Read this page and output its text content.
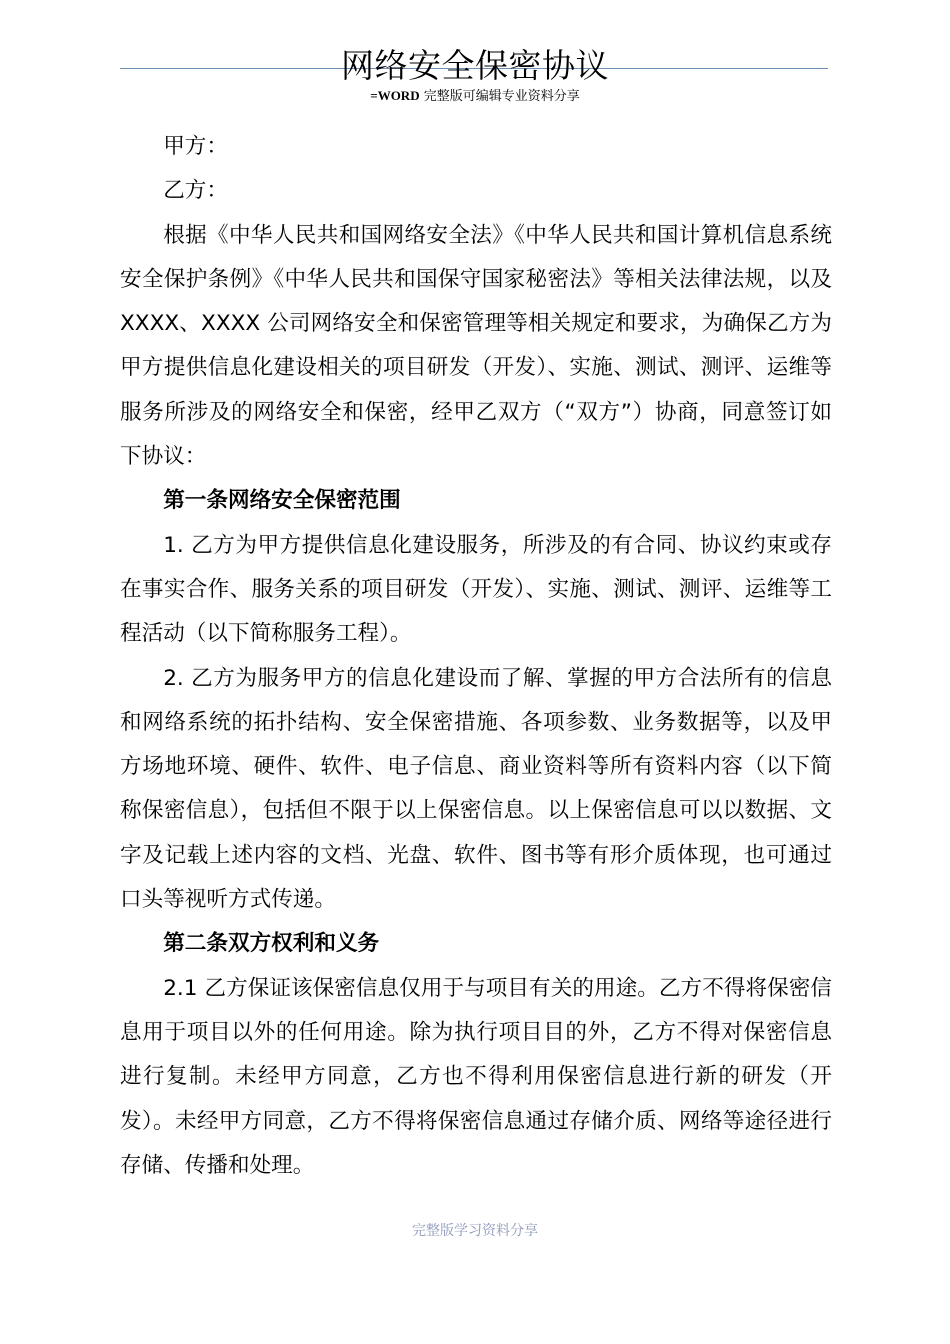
网络安全保密协议
=WORD 完整版可编辑专业资料分享

甲方：

乙方：

根据《中华人民共和国网络安全法》《中华人民共和国计算机信息系统安全保护条例》《中华人民共和国保守国家秘密法》等相关法律法规，以及 XXXX、XXXX 公司网络安全和保密管理等相关规定和要求，为确保乙方为甲方提供信息化建设相关的项目研发（开发）、实施、测试、测评、运维等服务所涉及的网络安全和保密，经甲乙双方（“双方”）协商，同意签订如下协议：

第一条网络安全保密范围

1. 乙方为甲方提供信息化建设服务，所涉及的有合同、协议约束或存在事实合作、服务关系的项目研发（开发）、实施、测试、测评、运维等工程活动（以下简称服务工程）。

2. 乙方为服务甲方的信息化建设而了解、掌握的甲方合法所有的信息和网络系统的拓扑结构、安全保密措施、各项参数、业务数据等，以及甲方场地环境、硬件、软件、电子信息、商业资料等所有资料内容（以下简称保密信息），包括但不限于以上保密信息。以上保密信息可以以数据、文字及记载上述内容的文档、光盘、软件、图书等有形介质体现，也可通过口头等视听方式传递。

第二条双方权利和义务

2.1 乙方保证该保密信息仅用于与项目有关的用途。乙方不得将保密信息用于项目以外的任何用途。除为执行项目目的外，乙方不得对保密信息进行复制。未经甲方同意，乙方也不得利用保密信息进行新的研发（开发）。未经甲方同意，乙方不得将保密信息通过存储介质、网络等途径进行存储、传播和处理。

完整版学习资料分享
